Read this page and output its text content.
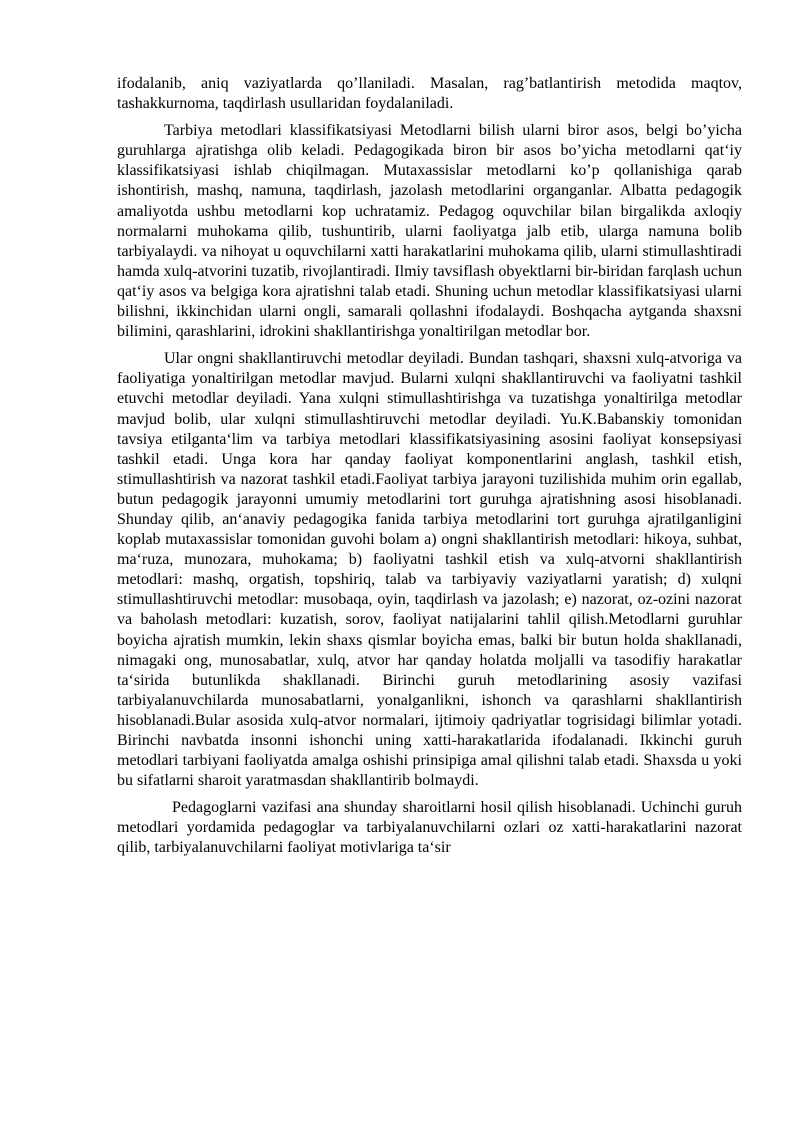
ifodalanib, aniq vaziyatlarda qo’llaniladi. Masalan, rag’batlantirish metodida maqtov, tashakkurnoma, taqdirlash usullaridan foydalaniladi.

Tarbiya metodlari klassifikatsiyasi Metodlarni bilish ularni biror asos, belgi bo’yicha guruhlarga ajratishga olib keladi. Pedagogikada biron bir asos bo’yicha metodlarni qat‘iy klassifikatsiyasi ishlab chiqilmagan. Mutaxassislar metodlarni ko’p qollanishiga qarab ishontirish, mashq, namuna, taqdirlash, jazolash metodlarini organganlar. Albatta pedagogik amaliyotda ushbu metodlarni kop uchratamiz. Pedagog oquvchilar bilan birgalikda axloqiy normalarni muhokama qilib, tushuntirib, ularni faoliyatga jalb etib, ularga namuna bolib tarbiyalaydi. va nihoyat u oquvchilarni xatti harakatlarini muhokama qilib, ularni stimullashtiradi hamda xulq-atvorini tuzatib, rivojlantiradi. Ilmiy tavsiflash obyektlarni bir-biridan farqlash uchun qat‘iy asos va belgiga kora ajratishni talab etadi. Shuning uchun metodlar klassifikatsiyasi ularni bilishni, ikkinchidan ularni ongli, samarali qollashni ifodalaydi. Boshqacha aytganda shaxsni bilimini, qarashlarini, idrokini shakllantirishga yonaltirilgan metodlar bor.

Ular ongni shakllantiruvchi metodlar deyiladi. Bundan tashqari, shaxsni xulq-atvoriga va faoliyatiga yonaltirilgan metodlar mavjud. Bularni xulqni shakllantiruvchi va faoliyatni tashkil etuvchi metodlar deyiladi. Yana xulqni stimullashtirishga va tuzatishga yonaltirilga metodlar mavjud bolib, ular xulqni stimullashtiruvchi metodlar deyiladi. Yu.K.Babanskiy tomonidan tavsiya etilganta‘lim va tarbiya metodlari klassifikatsiyasining asosini faoliyat konsepsiyasi tashkil etadi. Unga kora har qanday faoliyat komponentlarini anglash, tashkil etish, stimullashtirish va nazorat tashkil etadi.Faoliyat tarbiya jarayoni tuzilishida muhim orin egallab, butun pedagogik jarayonni umumiy metodlarini tort guruhga ajratishning asosi hisoblanadi. Shunday qilib, an‘anaviy pedagogika fanida tarbiya metodlarini tort guruhga ajratilganligini koplab mutaxassislar tomonidan guvohi bolam a) ongni shakllantirish metodlari: hikoya, suhbat, ma‘ruza, munozara, muhokama; b) faoliyatni tashkil etish va xulq-atvorni shakllantirish metodlari: mashq, orgatish, topshiriq, talab va tarbiyaviy vaziyatlarni yaratish; d) xulqni stimullashtiruvchi metodlar: musobaqa, oyin, taqdirlash va jazolash; e) nazorat, oz-ozini nazorat va baholash metodlari: kuzatish, sorov, faoliyat natijalarini tahlil qilish.Metodlarni guruhlar boyicha ajratish mumkin, lekin shaxs qismlar boyicha emas, balki bir butun holda shakllanadi, nimagaki ong, munosabatlar, xulq, atvor har qanday holatda moljalli va tasodifiy harakatlar ta‘sirida butunlikda shakllanadi. Birinchi guruh metodlarining asosiy vazifasi tarbiyalanuvchilarda munosabatlarni, yonalganlikni, ishonch va qarashlarni shakllantirish hisoblanadi.Bular asosida xulq-atvor normalari, ijtimoiy qadriyatlar togrisidagi bilimlar yotadi. Birinchi navbatda insonni ishonchi uning xatti-harakatlarida ifodalanadi. Ikkinchi guruh metodlari tarbiyani faoliyatda amalga oshishi prinsipiga amal qilishni talab etadi. Shaxsda u yoki bu sifatlarni sharoit yaratmasdan shakllantirib bolmaydi.

Pedagoglarni vazifasi ana shunday sharoitlarni hosil qilish hisoblanadi. Uchinchi guruh metodlari yordamida pedagoglar va tarbiyalanuvchilarni ozlari oz xatti-harakatlarini nazorat qilib, tarbiyalanuvchilarni faoliyat motivlariga ta‘sir
